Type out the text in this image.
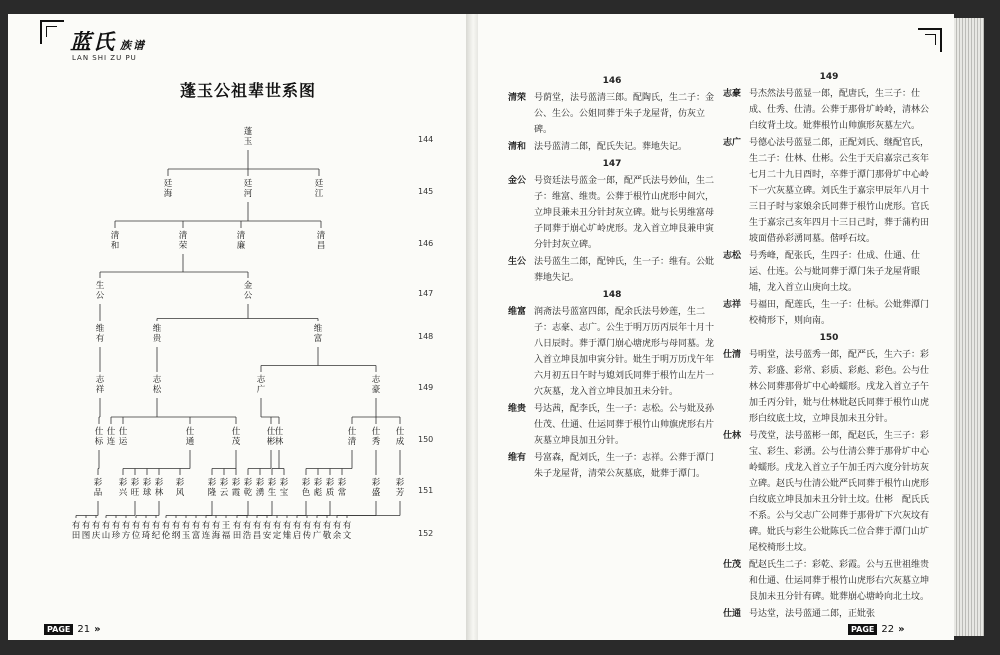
蓝氏 族谱
LAN SHI ZU PU
蓬玉公祖辈世系图
蓬玉
廷海
廷河
廷江
清和
清荣
清廉
清昌
生公
金公
维有
维贵
维富
志祥
志松
志广
志豪
仕标
仕连
仕运
仕通
仕茂
仕彬
仕林
仕清
仕秀
仕成
彩品
彩兴
彩旺
彩球
彩林
彩风
彩隆
彩云
彩霞
彩乾
彩湧
彩生
彩宝
彩色
彩彪
彩质
彩常
彩盛
彩芳
有田
有图
有庆
有山
有珍
有方
有位
有琦
有纪
有伦
有纲
有玉
有富
有连
有海
王福
有田
有浩
有昌
有安
有定
有雉
有启
有传
有广
有敬
有余
有文
144
145
146
147
148
149
150
151
152
PAGE 21 »	PAGE 22 »
146
清荣 号荫堂，法号蓝清三郎。配陶氏，生二子：金公、生公。公姐同葬于朱子龙屋背，仿灰立碑。
清和 法号蓝清二郎，配氏失记。葬地失记。
147
金公 号资廷法号蓝金一郎，配严氏法号妙仙，生二子：维富、维贵。公葬于根竹山虎形中间穴，立坤艮兼未丑分针封灰立碑。妣与长男维富母子同葬于崩心圹岭虎形。龙入首立坤艮兼申寅分针封灰立碑。
生公 法号蓝生二郎，配钟氏，生一子：维有。公妣葬地失记。
148
维富 润斋法号蓝富四郎，配余氏法号妙莲，生二子：志豪、志广。公生于明万历丙辰年十月十八日辰时。葬于潭门崩心塘虎形与母同墓。龙入首立坤艮加申寅分针。妣生于明万历戊午年六月初五日午时与媳刘氏同葬于根竹山左片一穴灰墓，龙入首立坤艮加丑未分针。
维贵 号达茜，配李氏，生一子：志松。公与妣及孙仕茂、仕通、仕运同葬于根竹山帅旗虎形右片灰墓立坤艮加丑分针。
维有 号富森，配刘氏，生一子：志祥。公葬于潭门朱子龙屋背，清荣公灰墓底，妣葬于潭门。
149
志豪 号杰然法号蓝显一郎，配唐氏，生三子：仕成、仕秀、仕清。公葬于那骨圹岭岭，清林公白纹背土坟。妣葬根竹山帅旗形灰墓左穴。
志广 号德心法号蓝显二郎，正配刘氏、继配官氏，生二子：仕林、仕彬。公生于天启嘉宗己亥年七月二十九日酉时，卒葬于潭门那骨圹中心岭下一穴灰墓立碑。刘氏生于嘉宗甲辰年八月十三日子时与家娘余氏同葬于根竹山虎形。官氏生于嘉宗己亥年四月十三日己时，葬于蒲杓田坡面借孙彩湧同墓。偕呼石坟。
志松 号秀峰，配张氏，生四子：仕成、仕通、仕运、仕连。公与妣同葬于潭门朱子龙屋背眼埔，龙入首立山庚向土坟。
志祥 号福田，配莲氏，生一子：仕标。公妣葬潭门校椅形下，则向南。
150
仕清 号明堂，法号蓝秀一郎，配严氏，生六子：彩芳、彩盛、彩常、彩质、彩彪、彩色。公与仕林公同葬那骨圹中心岭蠕形。戌龙入首立子午加壬丙分针，妣与仕林妣赵氏同葬于根竹山虎形白纹底土坟，立坤艮加未丑分针。
仕林 号茂堂，法号蓝彬一郎，配赵氏，生三子：彩宝、彩生、彩湧。公与仕清公葬于那骨圹中心岭蠕形。戌龙入首立子午加壬丙六度分针坊灰立碑。赵氏与仕清公妣严氏同葬于根竹山虎形白纹底立坤艮加未丑分针土坟。仕彬　配氏氏不系。公与父志广公同葬于那骨圹下穴灰坟有碑。妣氏与彩生公妣陈氏二位合葬于潭门山圹尾校椅形土坟。
仕茂 配赵氏生二子：彩乾、彩霞。公与五世祖维贵和仕通、仕运同葬于根竹山虎形右穴灰墓立坤艮加未丑分针有碑。妣葬崩心塘岭向北土坟。
仕通 号达堂，法号蓝通二郎，正妣张
